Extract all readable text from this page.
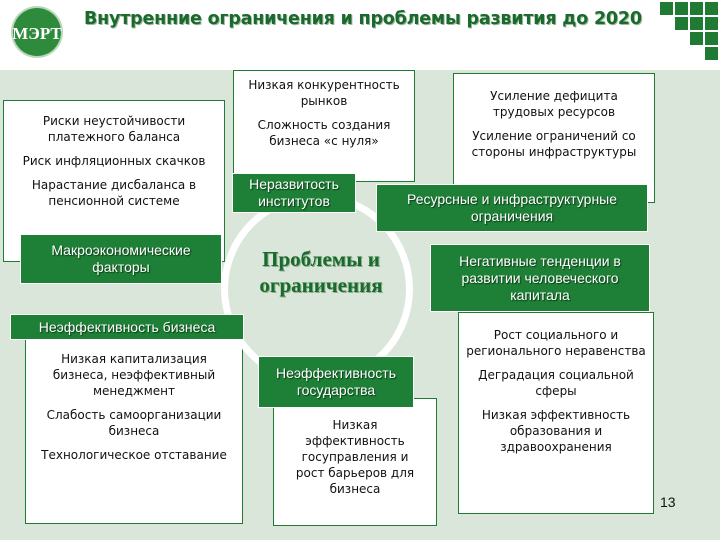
МЭРТ
Внутренние ограничения и проблемы развития до 2020

Риски неустойчивости платежного баланса

Риск инфляционных скачков

Нарастание дисбаланса в пенсионной системе

Низкая конкурентность рынков

Сложность создания бизнеса «с нуля»

Усиление дефицита трудовых ресурсов

Усиление ограничений со стороны инфраструктуры

Низкая капитализация бизнеса, неэффективный менеджмент

Слабость самоорганизации бизнеса

Технологическое отставание

Низкая эффективность госуправления и рост барьеров для бизнеса

Рост социального и регионального неравенства

Деградация социальной сферы

Низкая эффективность образования и здравоохранения

Проблемы и ограничения
Неразвитость институтов	Ресурсные и инфраструктурные ограничения
Макроэкономические факторы	Негативные тенденции в развитии человеческого капитала
Неэффективность бизнеса
Неэффективность государства
13
